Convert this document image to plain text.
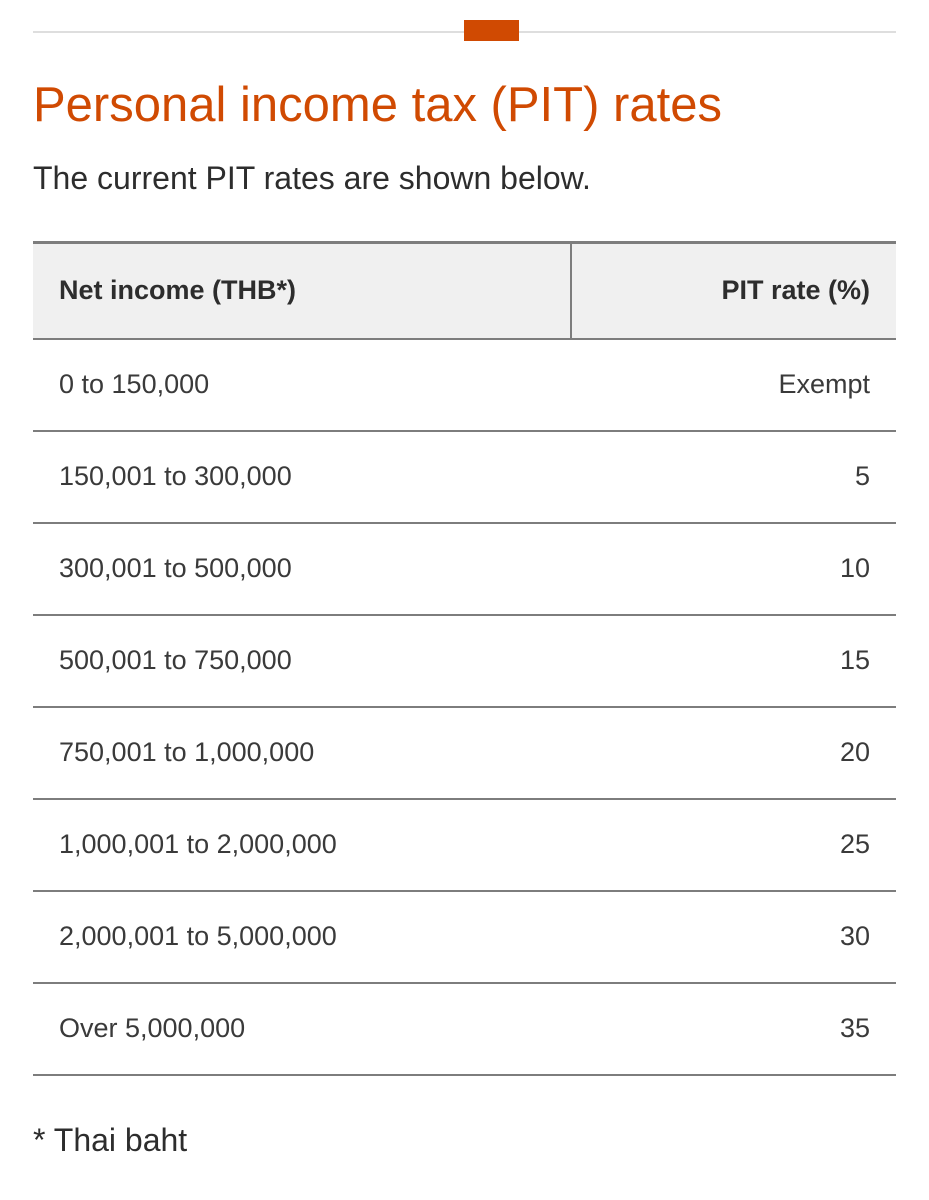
Personal income tax (PIT) rates

The current PIT rates are shown below.

Net income (THB*)	PIT rate (%)
0 to 150,000	Exempt
150,001 to 300,000	5
300,001 to 500,000	10
500,001 to 750,000	15
750,001 to 1,000,000	20
1,000,001 to 2,000,000	25
2,000,001 to 5,000,000	30
Over 5,000,000	35

* Thai baht
